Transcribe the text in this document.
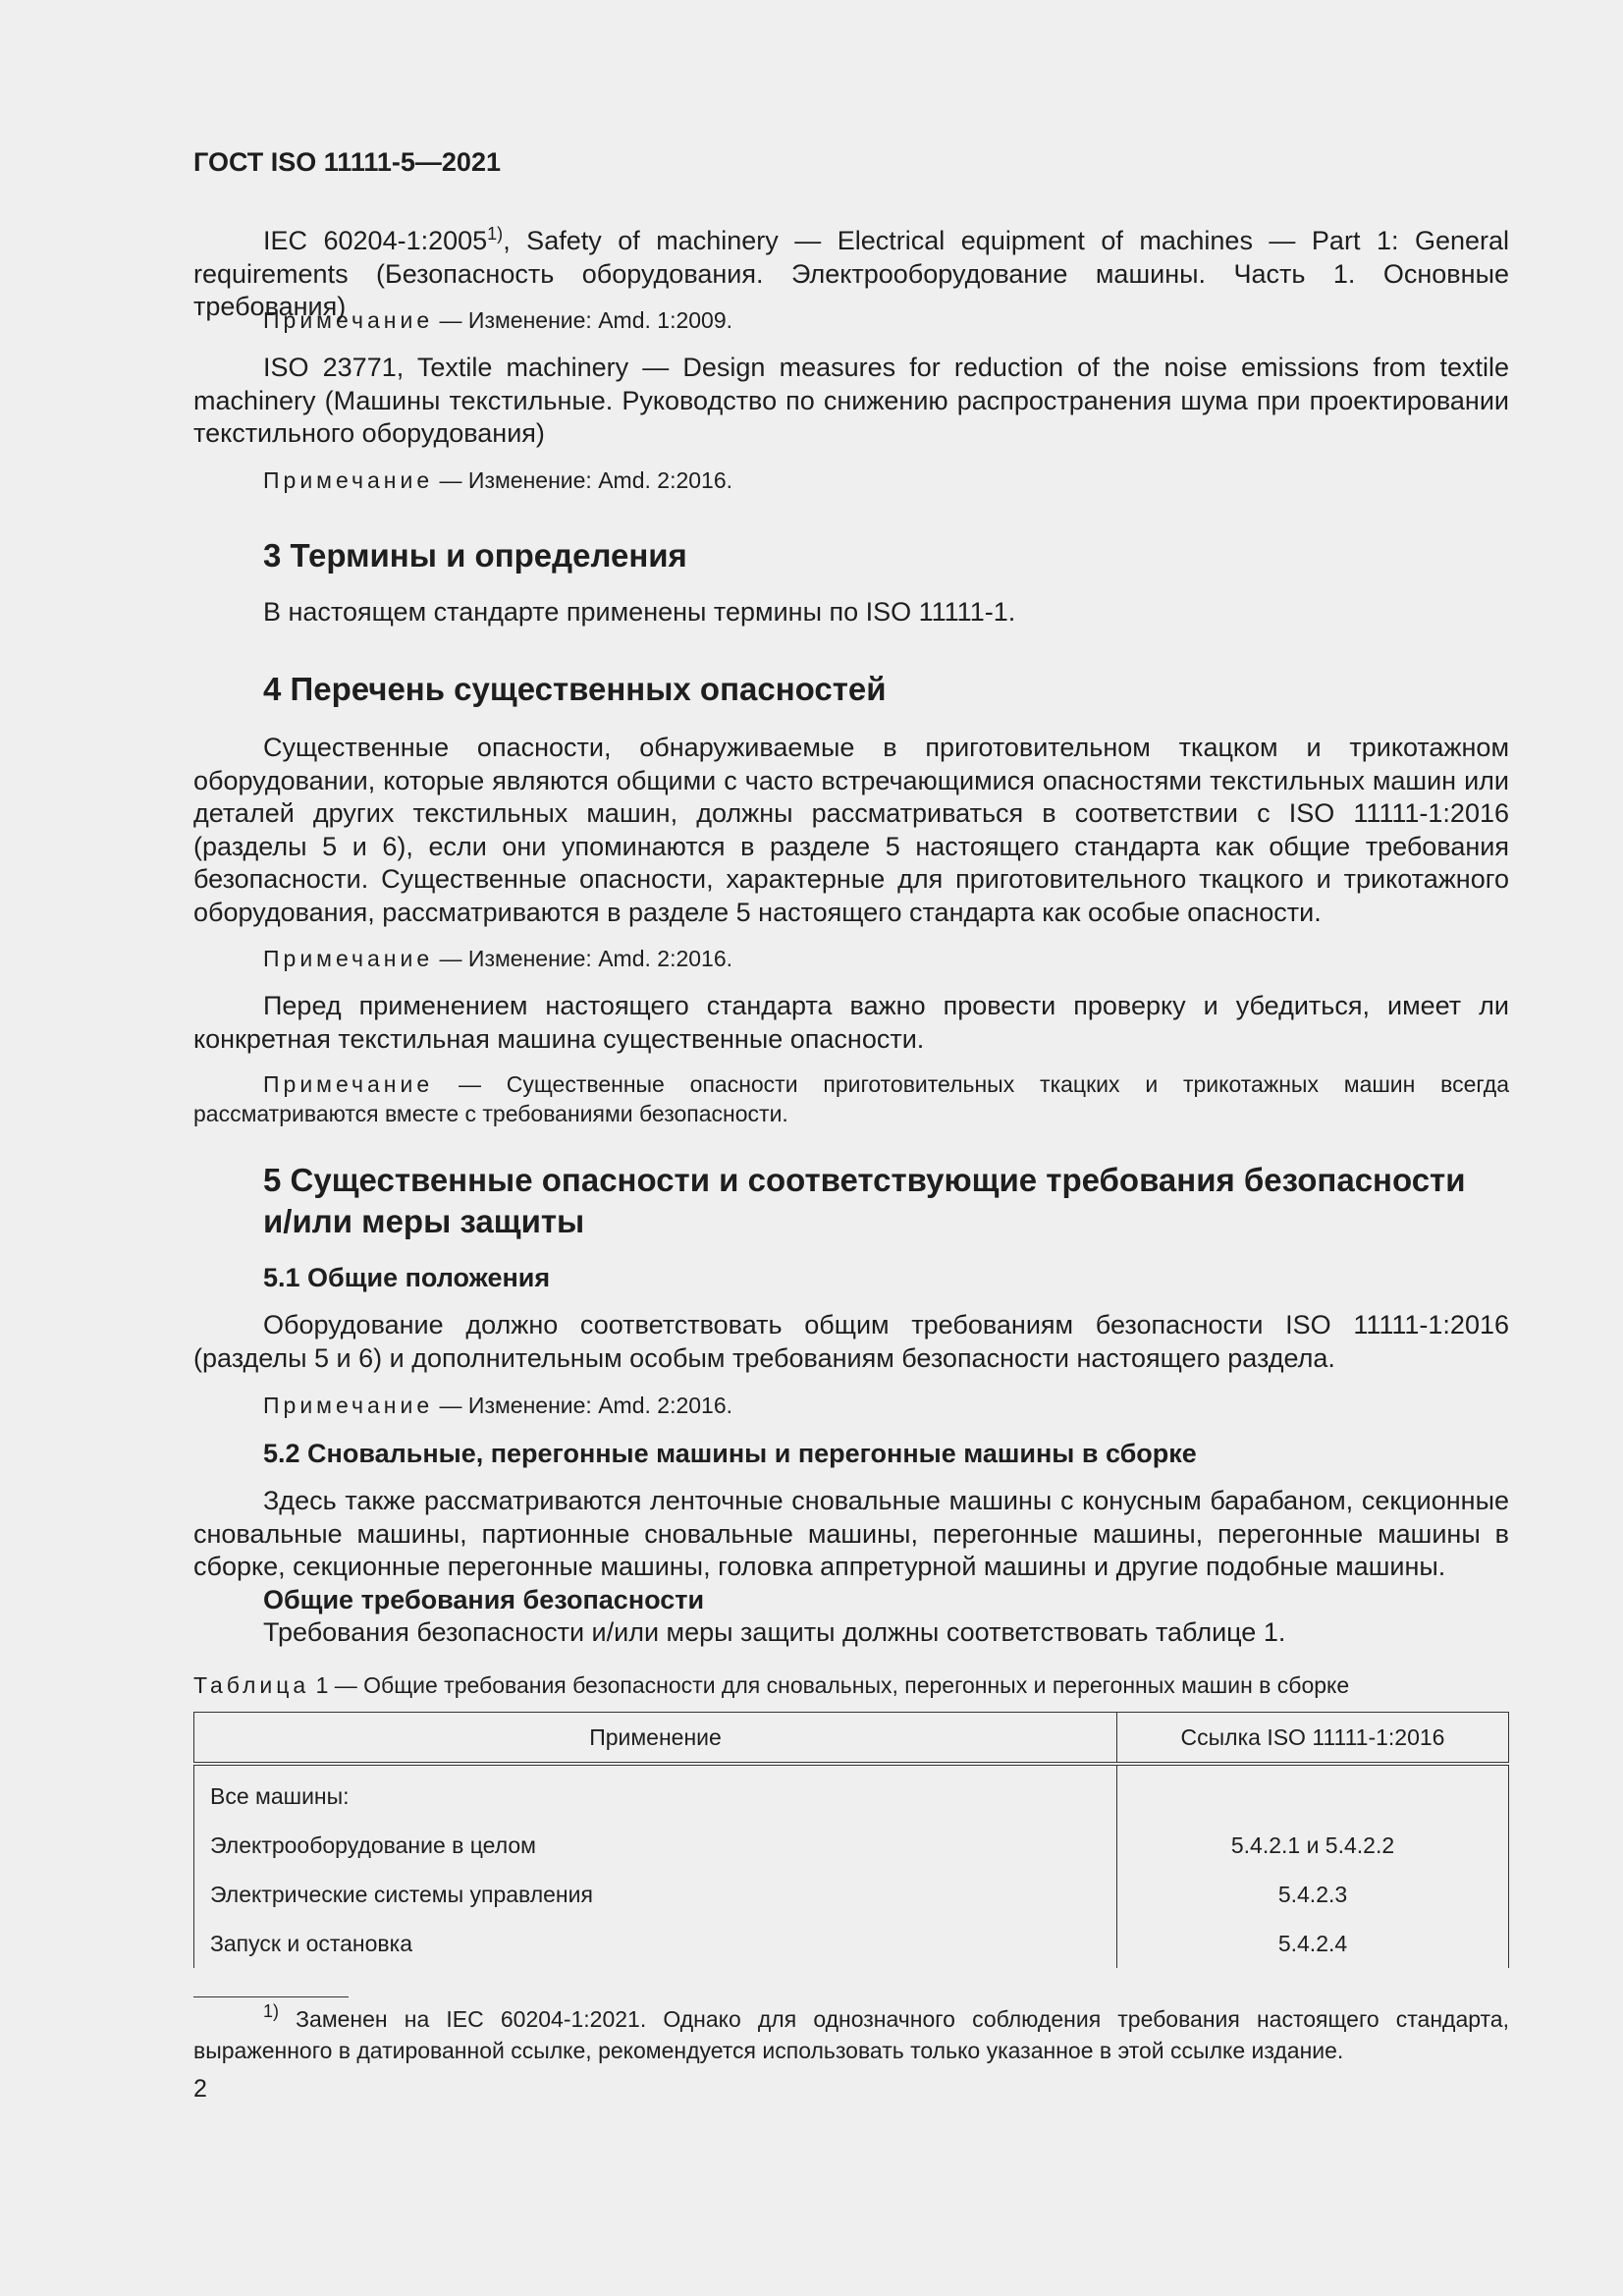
ГОСТ ISO 11111-5—2021

IEC 60204-1:2005$^{1)}$, Safety of machinery — Electrical equipment of machines — Part 1: General requirements (Безопасность оборудования. Электрооборудование машины. Часть 1. Основные требования)

Примечание — Изменение: Amd. 1:2009.

ISO 23771, Textile machinery — Design measures for reduction of the noise emissions from textile machinery (Машины текстильные. Руководство по снижению распространения шума при проектировании текстильного оборудования)

Примечание — Изменение: Amd. 2:2016.

3 Термины и определения

В настоящем стандарте применены термины по ISO 11111-1.

4 Перечень существенных опасностей

Существенные опасности, обнаруживаемые в приготовительном ткацком и трикотажном оборудовании, которые являются общими с часто встречающимися опасностями текстильных машин или деталей других текстильных машин, должны рассматриваться в соответствии с ISO 11111-1:2016 (разделы 5 и 6), если они упоминаются в разделе 5 настоящего стандарта как общие требования безопасности. Существенные опасности, характерные для приготовительного ткацкого и трикотажного оборудования, рассматриваются в разделе 5 настоящего стандарта как особые опасности.

Примечание — Изменение: Amd. 2:2016.

Перед применением настоящего стандарта важно провести проверку и убедиться, имеет ли конкретная текстильная машина существенные опасности.

Примечание — Существенные опасности приготовительных ткацких и трикотажных машин всегда рассматриваются вместе с требованиями безопасности.

5 Существенные опасности и соответствующие требования безопасности
и/или меры защиты
5.1 Общие положения

Оборудование должно соответствовать общим требованиям безопасности ISO 11111-1:2016 (разделы 5 и 6) и дополнительным особым требованиям безопасности настоящего раздела.

Примечание — Изменение: Amd. 2:2016.

5.2 Сновальные, перегонные машины и перегонные машины в сборке

Здесь также рассматриваются ленточные сновальные машины с конусным барабаном, секционные сновальные машины, партионные сновальные машины, перегонные машины, перегонные машины в сборке, секционные перегонные машины, головка аппретурной машины и другие подобные машины.

Общие требования безопасности

Требования безопасности и/или меры защиты должны соответствовать таблице 1.

Таблица 1 — Общие требования безопасности для сновальных, перегонных и перегонных машин в сборке

Применение	Ссылка ISO 11111-1:2016
Все машины:	
Электрооборудование в целом	5.4.2.1 и 5.4.2.2
Электрические системы управления	5.4.2.3
Запуск и остановка	5.4.2.4

$^{1)}$ Заменен на IEC 60204-1:2021. Однако для однозначного соблюдения требования настоящего стандарта, выраженного в датированной ссылке, рекомендуется использовать только указанное в этой ссылке издание.

2
